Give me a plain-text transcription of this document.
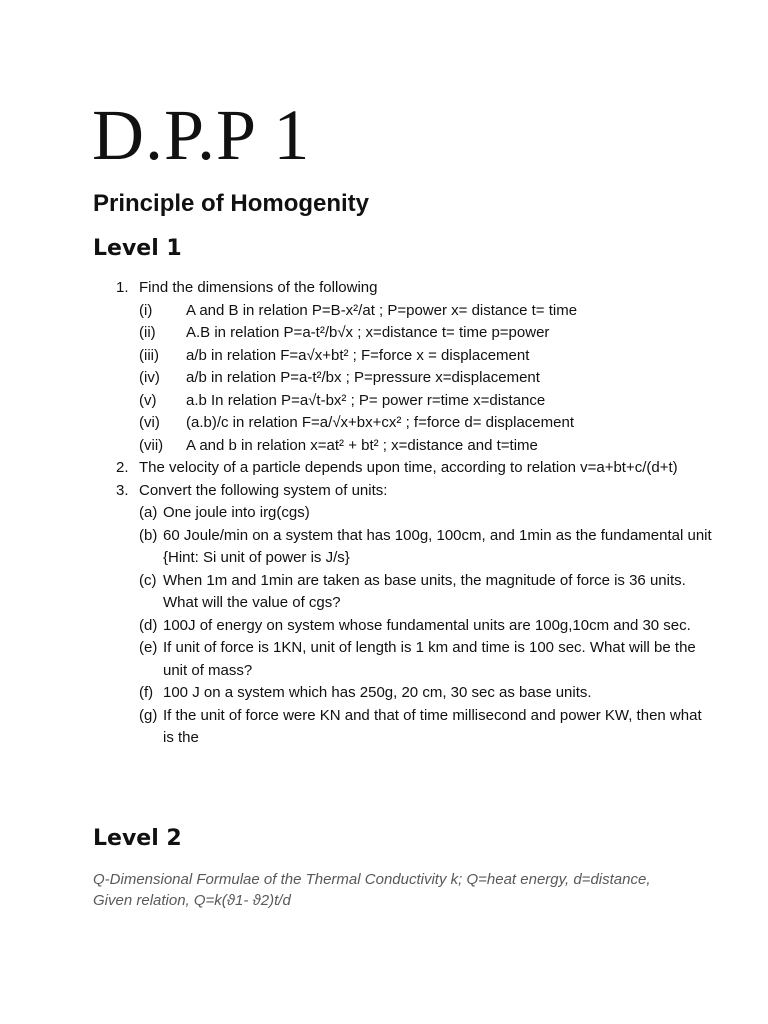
D.P.P 1
Principle of Homogenity
Level 1
1. Find the dimensions of the following
(i) A and B in relation P=B-x²/at ; P=power x= distance t= time
(ii) A.B in relation P=a-t²/b√x ; x=distance t= time p=power
(iii) a/b in relation F=a√x+bt² ; F=force x = displacement
(iv) a/b in relation P=a-t²/bx ; P=pressure x=displacement
(v) a.b In relation P=a√t-bx² ; P= power r=time x=distance
(vi) (a.b)/c in relation F=a/√x+bx+cx² ; f=force d= displacement
(vii) A and b in relation x=at² + bt² ; x=distance and t=time
2. The velocity of a particle depends upon time, according to relation v=a+bt+c/(d+t)
3. Convert the following system of units:
(a) One joule into irg(cgs)
(b) 60 Joule/min on a system that has 100g, 100cm, and 1min as the fundamental unit {Hint: Si unit of power is J/s}
(c) When 1m and 1min are taken as base units, the magnitude of force is 36 units. What will the value of cgs?
(d) 100J of energy on system whose fundamental units are 100g,10cm and 30 sec.
(e) If unit of force is 1KN, unit of length is 1 km and time is 100 sec. What will be the unit of mass?
(f) 100 J on a system which has 250g, 20 cm, 30 sec as base units.
(g) If the unit of force were KN and that of time millisecond and power KW, then what is the
Level 2

Q-Dimensional Formulae of the Thermal Conductivity k; Q=heat energy, d=distance, Given relation, Q=k(ϑ1- ϑ2)t/d
